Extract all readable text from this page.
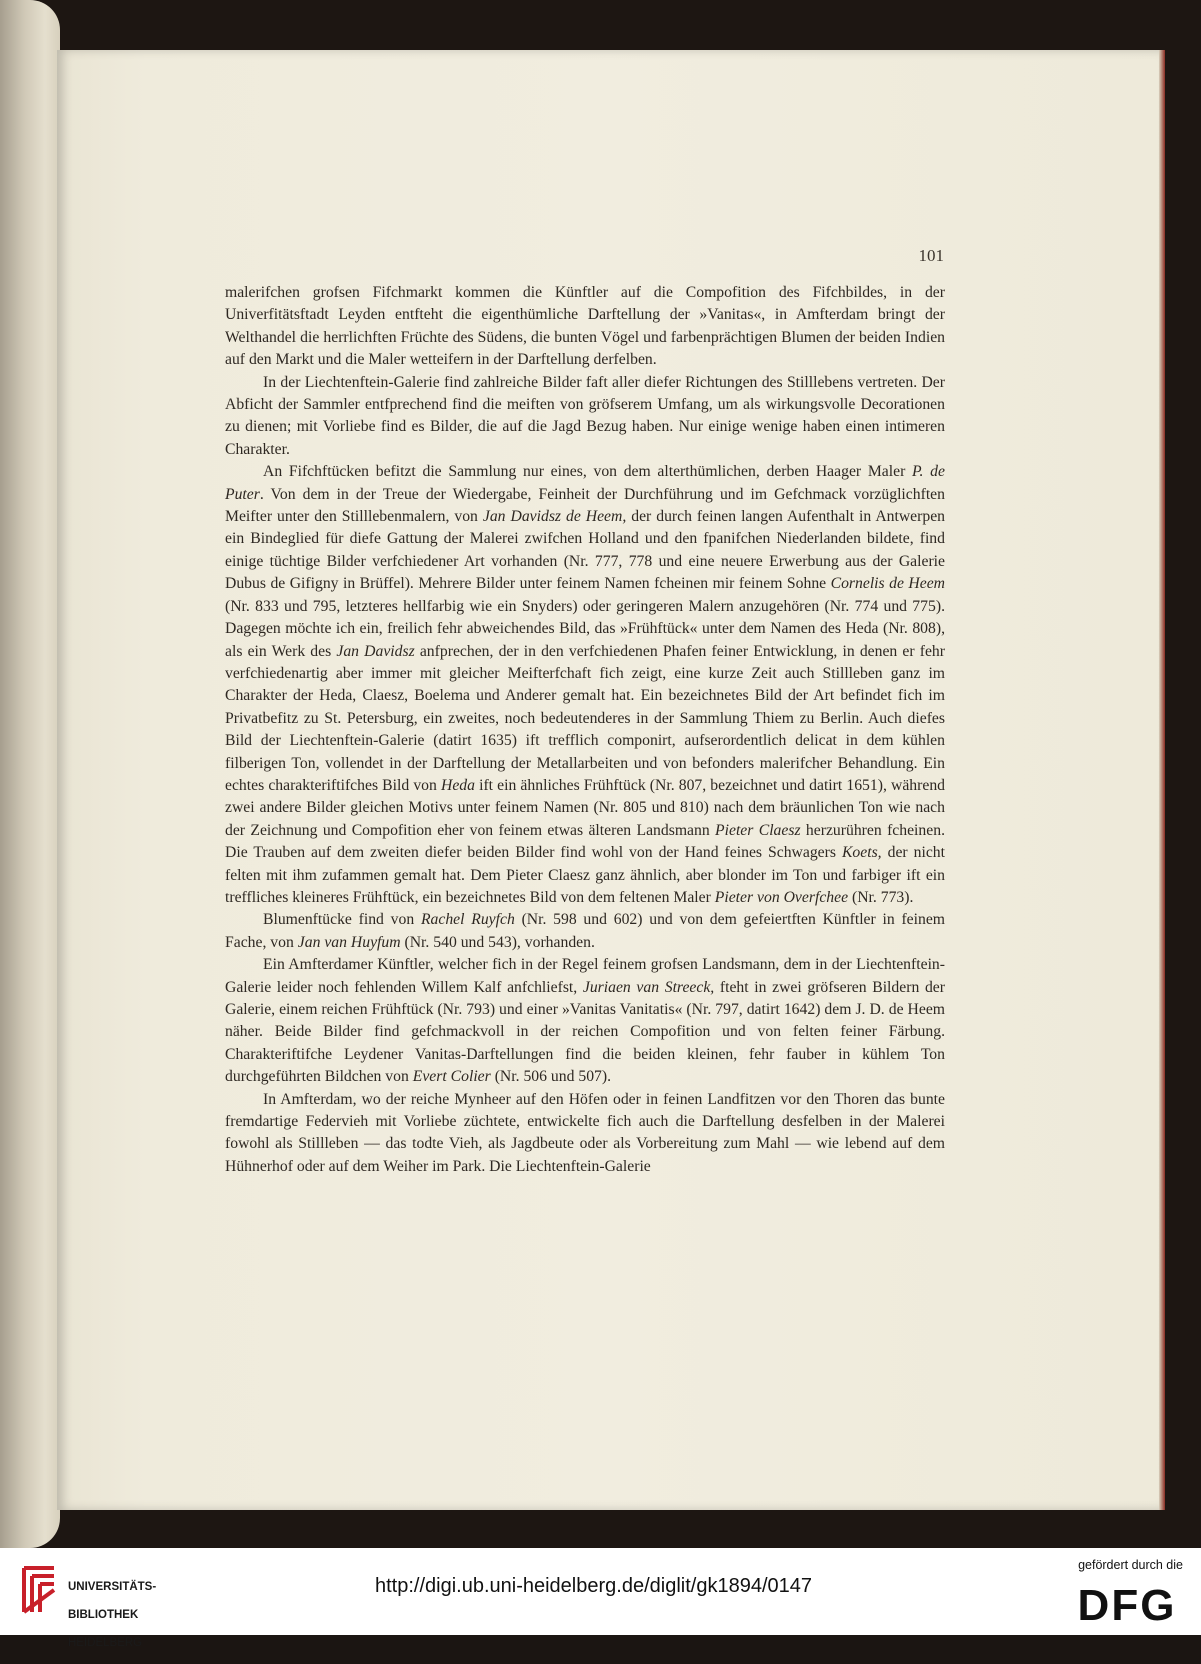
101

malerifchen grofsen Fifchmarkt kommen die Künftler auf die Compofition des Fifchbildes, in der Univerfitätsftadt Leyden entfteht die eigenthümliche Darftellung der »Vanitas«, in Amfterdam bringt der Welthandel die herrlichften Früchte des Südens, die bunten Vögel und farbenprächtigen Blumen der beiden Indien auf den Markt und die Maler wetteifern in der Darftellung derfelben.

In der Liechtenftein-Galerie find zahlreiche Bilder faft aller diefer Richtungen des Stilllebens vertreten. Der Abficht der Sammler entfprechend find die meiften von gröfserem Umfang, um als wirkungsvolle Decorationen zu dienen; mit Vorliebe find es Bilder, die auf die Jagd Bezug haben. Nur einige wenige haben einen intimeren Charakter.

An Fifchftücken befitzt die Sammlung nur eines, von dem alterthümlichen, derben Haager Maler P. de Puter. Von dem in der Treue der Wiedergabe, Feinheit der Durchführung und im Gefchmack vorzüglichften Meifter unter den Stilllebenmalern, von Jan Davidsz de Heem, der durch feinen langen Aufenthalt in Antwerpen ein Bindeglied für diefe Gattung der Malerei zwifchen Holland und den fpanifchen Niederlanden bildete, find einige tüchtige Bilder verfchiedener Art vorhanden (Nr. 777, 778 und eine neuere Erwerbung aus der Galerie Dubus de Gifigny in Brüffel). Mehrere Bilder unter feinem Namen fcheinen mir feinem Sohne Cornelis de Heem (Nr. 833 und 795, letzteres hellfarbig wie ein Snyders) oder geringeren Malern anzugehören (Nr. 774 und 775). Dagegen möchte ich ein, freilich fehr abweichendes Bild, das »Frühftück« unter dem Namen des Heda (Nr. 808), als ein Werk des Jan Davidsz anfprechen, der in den verfchiedenen Phafen feiner Entwicklung, in denen er fehr verfchiedenartig aber immer mit gleicher Meifterfchaft fich zeigt, eine kurze Zeit auch Stillleben ganz im Charakter der Heda, Claesz, Boelema und Anderer gemalt hat. Ein bezeichnetes Bild der Art befindet fich im Privatbefitz zu St. Petersburg, ein zweites, noch bedeutenderes in der Sammlung Thiem zu Berlin. Auch diefes Bild der Liechtenftein-Galerie (datirt 1635) ift trefflich componirt, aufserordentlich delicat in dem kühlen filberigen Ton, vollendet in der Darftellung der Metallarbeiten und von befonders malerifcher Behandlung. Ein echtes charakteriftifches Bild von Heda ift ein ähnliches Frühftück (Nr. 807, bezeichnet und datirt 1651), während zwei andere Bilder gleichen Motivs unter feinem Namen (Nr. 805 und 810) nach dem bräunlichen Ton wie nach der Zeichnung und Compofition eher von feinem etwas älteren Landsmann Pieter Claesz herzurühren fcheinen. Die Trauben auf dem zweiten diefer beiden Bilder find wohl von der Hand feines Schwagers Koets, der nicht felten mit ihm zufammen gemalt hat. Dem Pieter Claesz ganz ähnlich, aber blonder im Ton und farbiger ift ein treffliches kleineres Frühftück, ein bezeichnetes Bild von dem feltenen Maler Pieter von Overfchee (Nr. 773).

Blumenftücke find von Rachel Ruyfch (Nr. 598 und 602) und von dem gefeiertften Künftler in feinem Fache, von Jan van Huyfum (Nr. 540 und 543), vorhanden.

Ein Amfterdamer Künftler, welcher fich in der Regel feinem grofsen Landsmann, dem in der Liechtenftein-Galerie leider noch fehlenden Willem Kalf anfchliefst, Juriaen van Streeck, fteht in zwei gröfseren Bildern der Galerie, einem reichen Frühftück (Nr. 793) und einer »Vanitas Vanitatis« (Nr. 797, datirt 1642) dem J. D. de Heem näher. Beide Bilder find gefchmackvoll in der reichen Compofition und von felten feiner Färbung. Charakteriftifche Leydener Vanitas-Darftellungen find die beiden kleinen, fehr fauber in kühlem Ton durchgeführten Bildchen von Evert Colier (Nr. 506 und 507).

In Amfterdam, wo der reiche Mynheer auf den Höfen oder in feinen Landfitzen vor den Thoren das bunte fremdartige Federvieh mit Vorliebe züchtete, entwickelte fich auch die Darftellung desfelben in der Malerei fowohl als Stillleben — das todte Vieh, als Jagdbeute oder als Vorbereitung zum Mahl — wie lebend auf dem Hühnerhof oder auf dem Weiher im Park. Die Liechtenftein-Galerie

UNIVERSITÄTS-

BIBLIOTHEK

HEIDELBERG

http://digi.ub.uni-heidelberg.de/diglit/gk1894/0147
gefördert durch die
DFG
